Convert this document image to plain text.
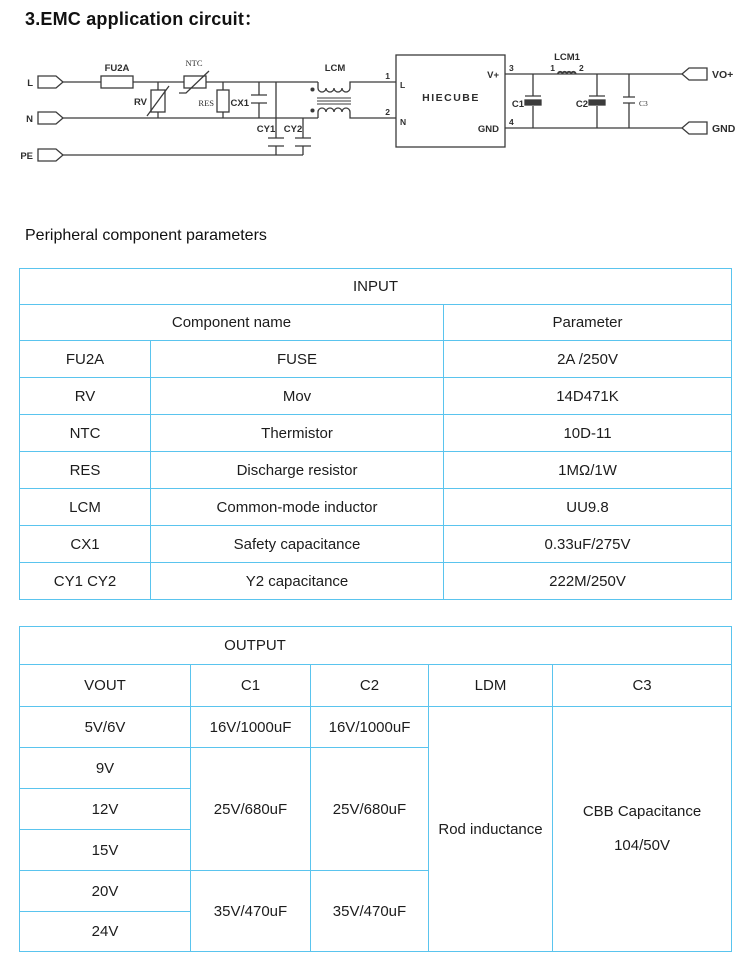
3.EMC application circuit：
L
N
PE
FU2A
RV
NTC
RES CX1
CY1 CY2
LCM
1
2
L
N
HIECUBE
V+
GND
3
4
C1
LCM1
1	2
C2	C3
VO+
GND
Peripheral component parameters
INPUT		
Component name		Parameter
FU2A	FUSE	2A /250V
RV	Mov	14D471K
NTC	Thermistor	10D-11
RES	Discharge resistor	1MΩ/1W
LCM	Common-mode inductor	UU9.8
CX1	Safety capacitance	0.33uF/275V
CY1 CY2	Y2 capacitance	222M/250V
OUTPUT				

VOUT	C1	C2	LDM	C3
5V/6V	16V/1000uF	16V/1000uF	Rod inductance	CBB Capacitance
104/50V
9V	25V/680uF	25V/680uF		
12V				
15V				
20V	35V/470uF	35V/470uF		
24V				
